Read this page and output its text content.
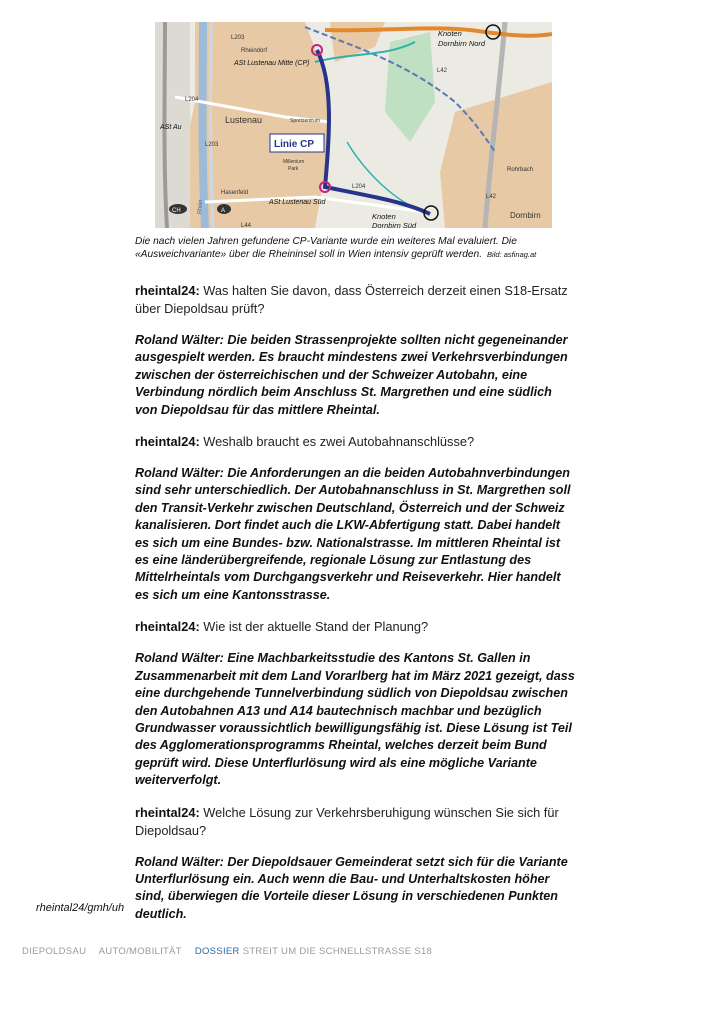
Knoten
Dornbirn Nord
L203
Rheindorf
ASt Lustenau Mitte (CP)
L42
L204
Lustenau	Sportzentrum
ASt Au
L203	Linie CP
Millenium
Park	Rohrbach
L204
Hasenfeld
ASt Lustenau Süd
L42
CH	A
Rhein
Knoten
Dornbirn Süd
Dornbirn
L44
Die nach vielen Jahren gefundene CP-Variante wurde ein weiteres Mal evaluiert. Die «Ausweichvariante» über die Rheininsel soll in Wien intensiv geprüft werden. Bild: asfinag.at

rheintal24: Was halten Sie davon, dass Österreich derzeit einen S18-Ersatz über Diepoldsau prüft?

Roland Wälter: Die beiden Strassenprojekte sollten nicht gegeneinander ausgespielt werden. Es braucht mindestens zwei Verkehrsverbindungen zwischen der österreichischen und der Schweizer Autobahn, eine Verbindung nördlich beim Anschluss St. Margrethen und eine südlich von Diepoldsau für das mittlere Rheintal.

rheintal24: Weshalb braucht es zwei Autobahnanschlüsse?

Roland Wälter: Die Anforderungen an die beiden Autobahnverbindungen sind sehr unterschiedlich. Der Autobahnanschluss in St. Margrethen soll den Transit-Verkehr zwischen Deutschland, Österreich und der Schweiz kanalisieren. Dort findet auch die LKW-Abfertigung statt. Dabei handelt es sich um eine Bundes- bzw. Nationalstrasse. Im mittleren Rheintal ist es eine länderübergreifende, regionale Lösung zur Entlastung des Mittelrheintals vom Durchgangsverkehr und Reiseverkehr. Hier handelt es sich um eine Kantonsstrasse.

rheintal24: Wie ist der aktuelle Stand der Planung?

Roland Wälter: Eine Machbarkeitsstudie des Kantons St. Gallen in Zusammenarbeit mit dem Land Vorarlberg hat im März 2021 gezeigt, dass eine durchgehende Tunnelverbindung südlich von Diepoldsau zwischen den Autobahnen A13 und A14 bautechnisch machbar und bezüglich Grundwasser voraussichtlich bewilligungsfähig ist. Diese Lösung ist Teil des Agglomerationsprogramms Rheintal, welches derzeit beim Bund geprüft wird. Diese Unterflurlösung wird als eine mögliche Variante weiterverfolgt.

rheintal24: Welche Lösung zur Verkehrsberuhigung wünschen Sie sich für Diepoldsau?

Roland Wälter: Der Diepoldsauer Gemeinderat setzt sich für die Variante Unterflurlösung ein. Auch wenn die Bau- und Unterhaltskosten höher sind, überwiegen die Vorteile dieser Lösung in verschiedenen Punkten deutlich.

rheintal24/gmh/uh
DIEPOLDSAU AUTO/MOBILITÄT DOSSIER STREIT UM DIE SCHNELLSTRASSE S18
